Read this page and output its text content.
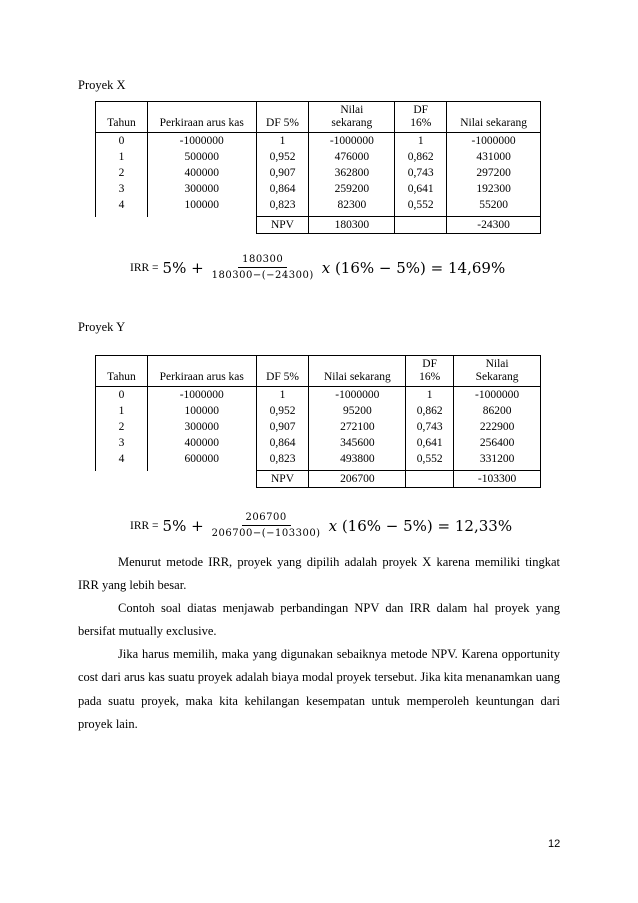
Proyek X
Tahun	Perkiraan arus kas	DF 5%	Nilai sekarang	DF 16%	Nilai sekarang
0	-1000000	1	-1000000	1	-1000000
1	500000	0,952	476000	0,862	431000
2	400000	0,907	362800	0,743	297200
3	300000	0,864	259200	0,641	192300
4	100000	0,823	82300	0,552	55200
		NPV	180300		-24300
IRR = $5\% + \frac{180300}{180300-(-24300)}$ 𝑥 (16% − 5%) = 14,69%
Proyek Y
Tahun	Perkiraan arus kas	DF 5%	Nilai sekarang	DF 16%	Nilai Sekarang
0	-1000000	1	-1000000	1	-1000000
1	100000	0,952	95200	0,862	86200
2	300000	0,907	272100	0,743	222900
3	400000	0,864	345600	0,641	256400
4	600000	0,823	493800	0,552	331200
		NPV	206700		-103300
IRR = $5\% + \frac{206700}{206700-(-103300)}$ 𝑥 (16% − 5%) = 12,33%

Menurut metode IRR, proyek yang dipilih adalah proyek X karena memiliki tingkat IRR yang lebih besar.

Contoh soal diatas menjawab perbandingan NPV dan IRR dalam hal proyek yang bersifat mutually exclusive.

Jika harus memilih, maka yang digunakan sebaiknya metode NPV. Karena opportunity cost dari arus kas suatu proyek adalah biaya modal proyek tersebut. Jika kita menanamkan uang pada suatu proyek, maka kita kehilangan kesempatan untuk memperoleh keuntungan dari proyek lain.

12
